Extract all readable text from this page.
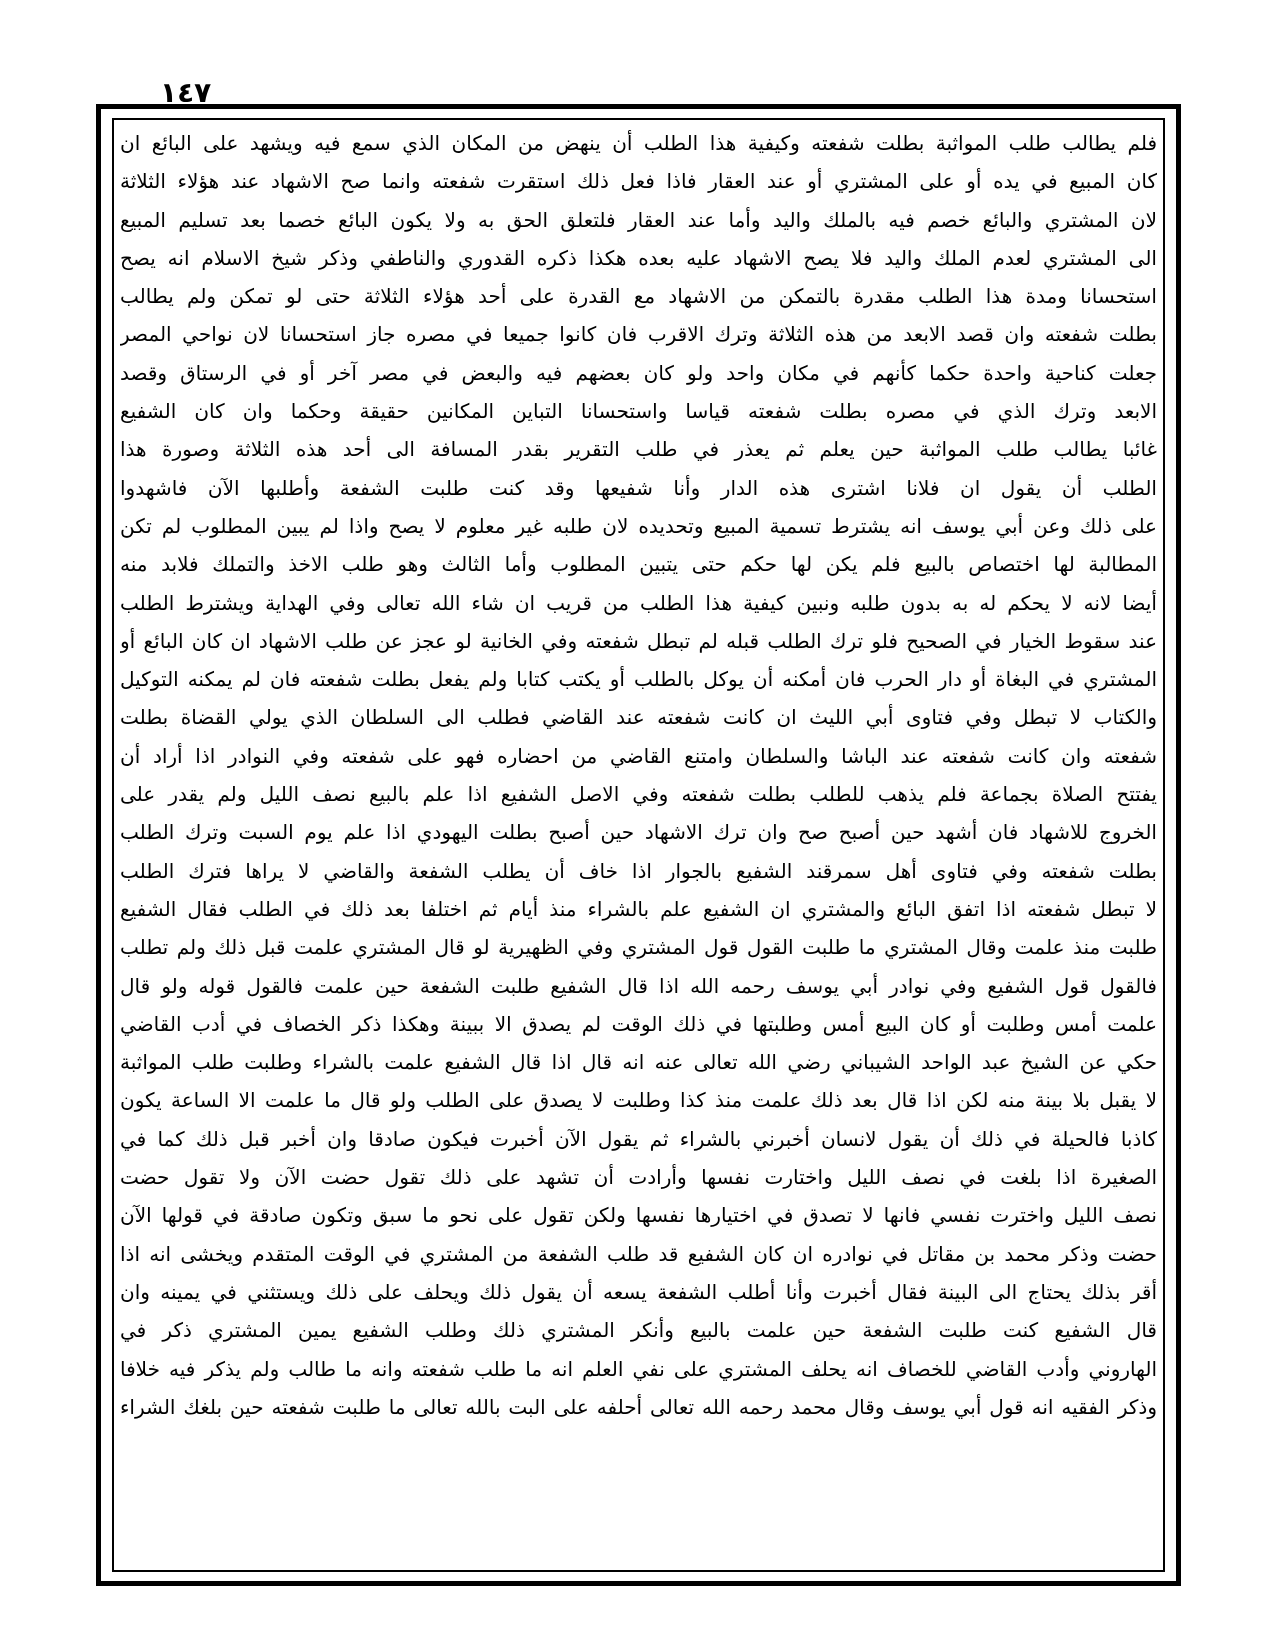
١٤٧
فلم يطالب طلب المواثبة بطلت شفعته وكيفية هذا الطلب أن ينهض من المكان الذي سمع فيه ويشهد على البائع ان
كان المبيع في يده أو على المشتري أو عند العقار فاذا فعل ذلك استقرت شفعته وانما صح الاشهاد عند هؤلاء الثلاثة
لان المشتري والبائع خصم فيه بالملك واليد وأما عند العقار فلتعلق الحق به ولا يكون البائع خصما بعد تسليم المبيع
الى المشتري لعدم الملك واليد فلا يصح الاشهاد عليه بعده هكذا ذكره القدوري والناطفي وذكر شيخ الاسلام انه يصح
استحسانا ومدة هذا الطلب مقدرة بالتمكن من الاشهاد مع القدرة على أحد هؤلاء الثلاثة حتى لو تمكن ولم يطالب
بطلت شفعته وان قصد الابعد من هذه الثلاثة وترك الاقرب فان كانوا جميعا في مصره جاز استحسانا لان نواحي المصر
جعلت كناحية واحدة حكما كأنهم في مكان واحد ولو كان بعضهم فيه والبعض في مصر آخر أو في الرستاق وقصد
الابعد وترك الذي في مصره بطلت شفعته قياسا واستحسانا التباين المكانين حقيقة وحكما وان كان الشفيع
غائبا يطالب طلب المواثبة حين يعلم ثم يعذر في طلب التقرير بقدر المسافة الى أحد هذه الثلاثة وصورة هذا
الطلب أن يقول ان فلانا اشترى هذه الدار وأنا شفيعها وقد كنت طلبت الشفعة وأطلبها الآن فاشهدوا
على ذلك وعن أبي يوسف انه يشترط تسمية المبيع وتحديده لان طلبه غير معلوم لا يصح واذا لم يبين المطلوب لم تكن
المطالبة لها اختصاص بالبيع فلم يكن لها حكم حتى يتبين المطلوب وأما الثالث وهو طلب الاخذ والتملك فلابد منه
أيضا لانه لا يحكم له به بدون طلبه ونبين كيفية هذا الطلب من قريب ان شاء الله تعالى وفي الهداية ويشترط الطلب
عند سقوط الخيار في الصحيح فلو ترك الطلب قبله لم تبطل شفعته وفي الخانية لو عجز عن طلب الاشهاد ان كان البائع أو
المشتري في البغاة أو دار الحرب فان أمكنه أن يوكل بالطلب أو يكتب كتابا ولم يفعل بطلت شفعته فان لم يمكنه التوكيل
والكتاب لا تبطل وفي فتاوى أبي الليث ان كانت شفعته عند القاضي فطلب الى السلطان الذي يولي القضاة بطلت
شفعته وان كانت شفعته عند الباشا والسلطان وامتنع القاضي من احضاره فهو على شفعته وفي النوادر اذا أراد أن
يفتتح الصلاة بجماعة فلم يذهب للطلب بطلت شفعته وفي الاصل الشفيع اذا علم بالبيع نصف الليل ولم يقدر على
الخروج للاشهاد فان أشهد حين أصبح صح وان ترك الاشهاد حين أصبح بطلت اليهودي اذا علم يوم السبت وترك الطلب
بطلت شفعته وفي فتاوى أهل سمرقند الشفيع بالجوار اذا خاف أن يطلب الشفعة والقاضي لا يراها فترك الطلب
لا تبطل شفعته اذا اتفق البائع والمشتري ان الشفيع علم بالشراء منذ أيام ثم اختلفا بعد ذلك في الطلب فقال الشفيع
طلبت منذ علمت وقال المشتري ما طلبت القول قول المشتري وفي الظهيرية لو قال المشتري علمت قبل ذلك ولم تطلب
فالقول قول الشفيع وفي نوادر أبي يوسف رحمه الله اذا قال الشفيع طلبت الشفعة حين علمت فالقول قوله ولو قال
علمت أمس وطلبت أو كان البيع أمس وطلبتها في ذلك الوقت لم يصدق الا ببينة وهكذا ذكر الخصاف في أدب القاضي
حكي عن الشيخ عبد الواحد الشيباني رضي الله تعالى عنه انه قال اذا قال الشفيع علمت بالشراء وطلبت طلب المواثبة
لا يقبل بلا بينة منه لكن اذا قال بعد ذلك علمت منذ كذا وطلبت لا يصدق على الطلب ولو قال ما علمت الا الساعة يكون
كاذبا فالحيلة في ذلك أن يقول لانسان أخبرني بالشراء ثم يقول الآن أخبرت فيكون صادقا وان أخبر قبل ذلك كما في
الصغيرة اذا بلغت في نصف الليل واختارت نفسها وأرادت أن تشهد على ذلك تقول حضت الآن ولا تقول حضت
نصف الليل واخترت نفسي فانها لا تصدق في اختيارها نفسها ولكن تقول على نحو ما سبق وتكون صادقة في قولها الآن
حضت وذكر محمد بن مقاتل في نوادره ان كان الشفيع قد طلب الشفعة من المشتري في الوقت المتقدم ويخشى انه اذا
أقر بذلك يحتاج الى البينة فقال أخبرت وأنا أطلب الشفعة يسعه أن يقول ذلك ويحلف على ذلك ويستثني في يمينه وان
قال الشفيع كنت طلبت الشفعة حين علمت بالبيع وأنكر المشتري ذلك وطلب الشفيع يمين المشتري ذكر في
الهاروني وأدب القاضي للخصاف انه يحلف المشتري على نفي العلم انه ما طلب شفعته وانه ما طالب ولم يذكر فيه خلافا
وذكر الفقيه انه قول أبي يوسف وقال محمد رحمه الله تعالى أحلفه على البت بالله تعالى ما طلبت شفعته حين بلغك الشراء
